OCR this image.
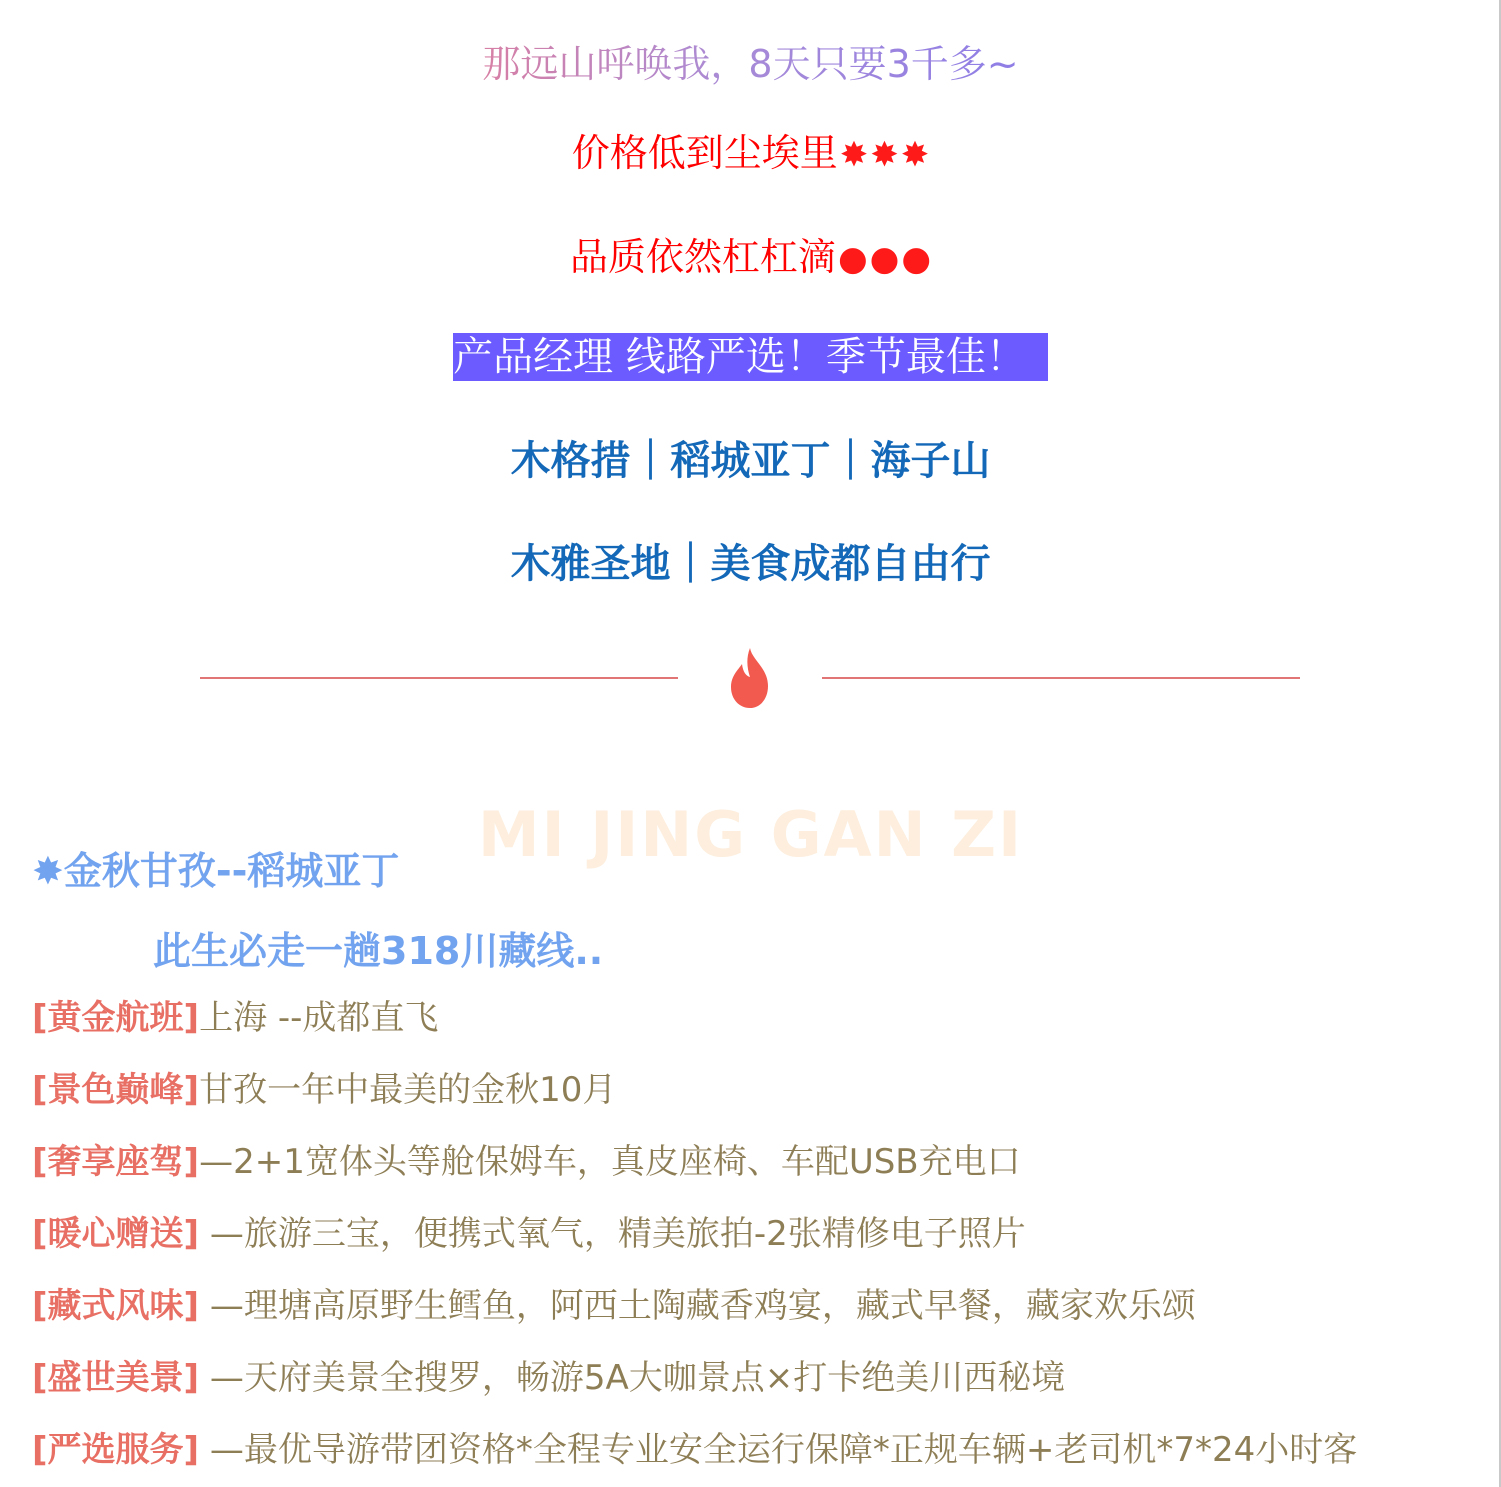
那远山呼唤我，8天只要3千多~
价格低到尘埃里✸✸✸
品质依然杠杠滴●●●
产品经理 线路严选！季节最佳！
木格措｜稻城亚丁｜海子山
木雅圣地｜美食成都自由行
MI JING GAN ZI
✸金秋甘孜--稻城亚丁
此生必走一趟318川藏线..
[黄金航班]上海 --成都直飞
[景色巅峰]甘孜一年中最美的金秋10月
[奢享座驾]—2+1宽体头等舱保姆车，真皮座椅、车配USB充电口
[暖心赠送] —旅游三宝，便携式氧气，精美旅拍-2张精修电子照片
[藏式风味] —理塘高原野生鳕鱼，阿西土陶藏香鸡宴，藏式早餐，藏家欢乐颂
[盛世美景] —天府美景全搜罗，畅游5A大咖景点×打卡绝美川西秘境
[严选服务] —最优导游带团资格*全程专业安全运行保障*正规车辆+老司机*7*24小时客
